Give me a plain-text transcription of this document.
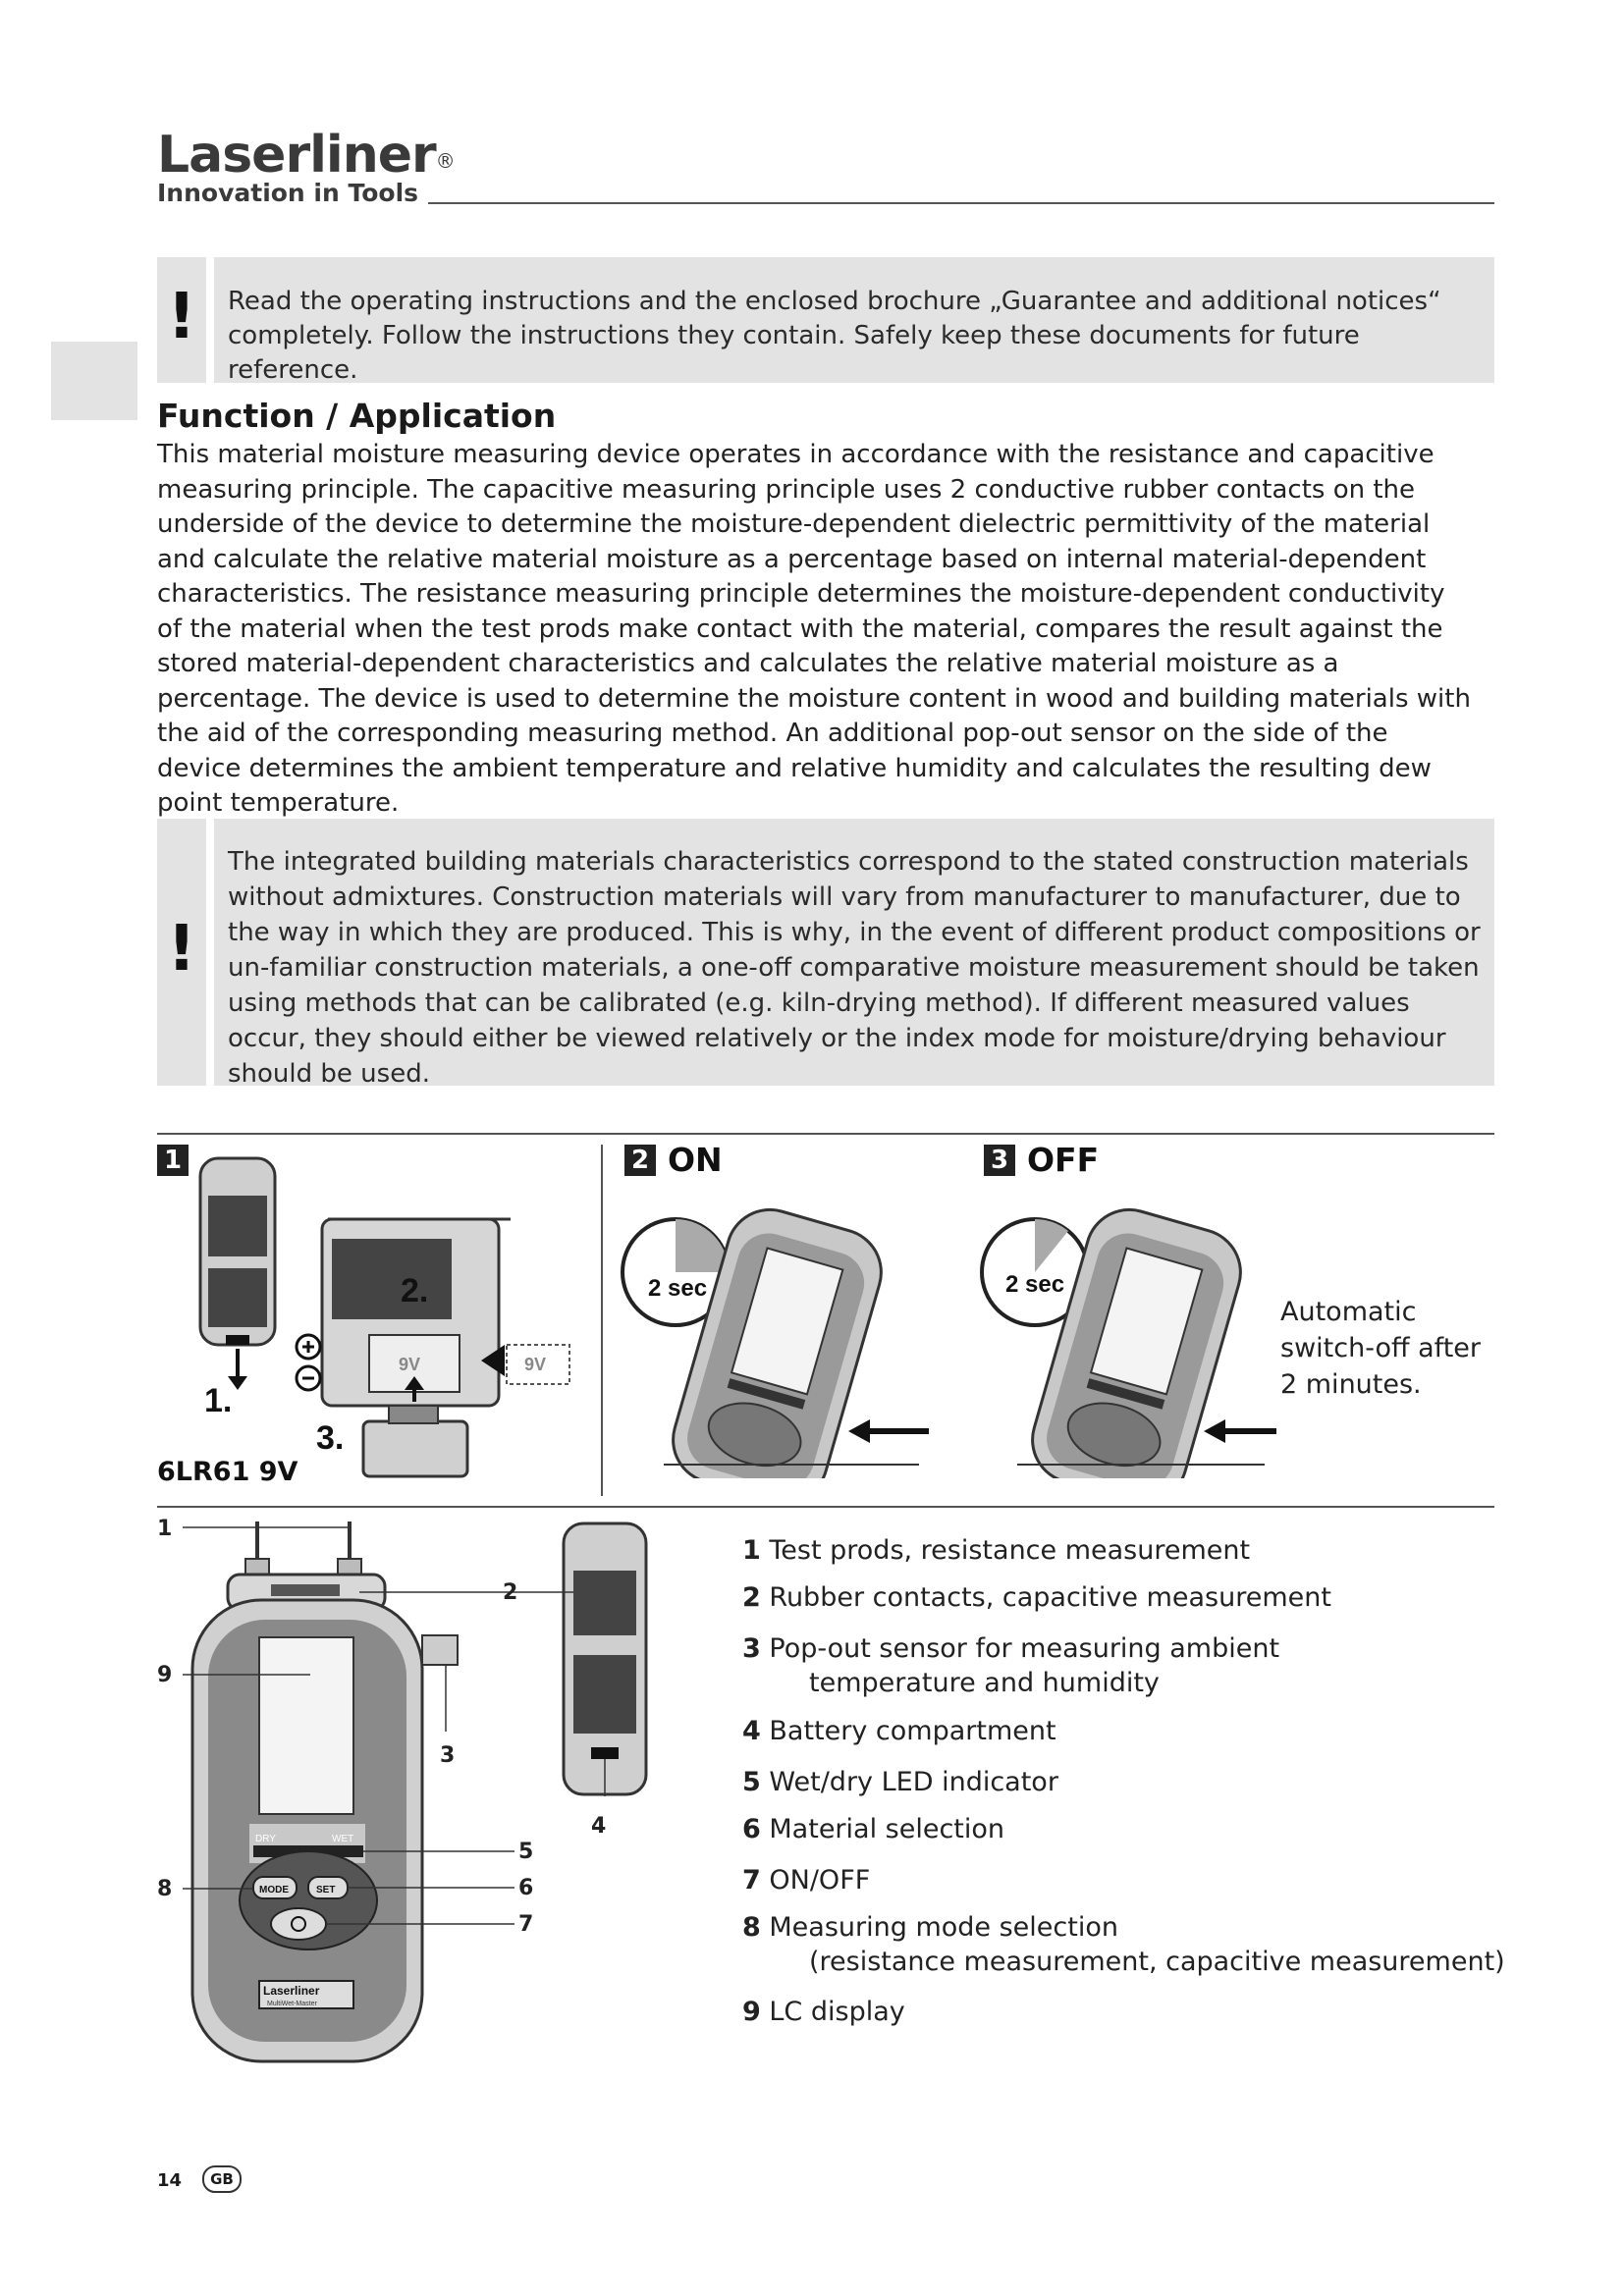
Laserliner®
Innovation in Tools
!	Read the operating instructions and the enclosed brochure „Guarantee and additional notices“ completely. Follow the instructions they contain. Safely keep these documents for future reference.
Function / Application
This material moisture measuring device operates in accordance with the resistance and capacitive measuring principle. The capacitive measuring principle uses 2 conductive rubber contacts on the underside of the device to determine the moisture-dependent dielectric permittivity of the material and calculate the relative material moisture as a percentage based on internal material-dependent characteristics. The resistance measuring principle determines the moisture-dependent conductivity of the material when the test prods make contact with the material, compares the result against the stored material-dependent characteristics and calculates the relative material moisture as a percentage. The device is used to determine the moisture content in wood and building materials with the aid of the corresponding measuring method. An additional pop-out sensor on the side of the device determines the ambient temperature and relative humidity and calculates the resulting dew point temperature.
!
The integrated building materials characteristics correspond to the stated construction materials without admixtures. Construction materials will vary from manufacturer to manufacturer, due to the way in which they are produced. This is why, in the event of different product compositions or un-familiar construction materials, a one-off comparative moisture measurement should be taken using methods that can be calibrated (e.g. kiln-drying method). If different measured values occur, they should either be viewed relatively or the index mode for moisture/drying behaviour should be used.
1	2 ON	3 OFF
1.
2.
3.
9V	9V
6LR61 9V
2 sec	2 sec
Automatic
switch-off after
2 minutes.
DRY	WET
MODE	SET
Laserliner
MultiWet-Master
1
2
3
4
5
6
7
8
9
1 Test prods, resistance measurement
2 Rubber contacts, capacitive measurement
3 Pop-out sensor for measuring ambient
temperature and humidity
4 Battery compartment
5 Wet/dry LED indicator
6 Material selection
7 ON/OFF
8 Measuring mode selection
(resistance measurement, capacitive measurement)
9 LC display
14	GB
